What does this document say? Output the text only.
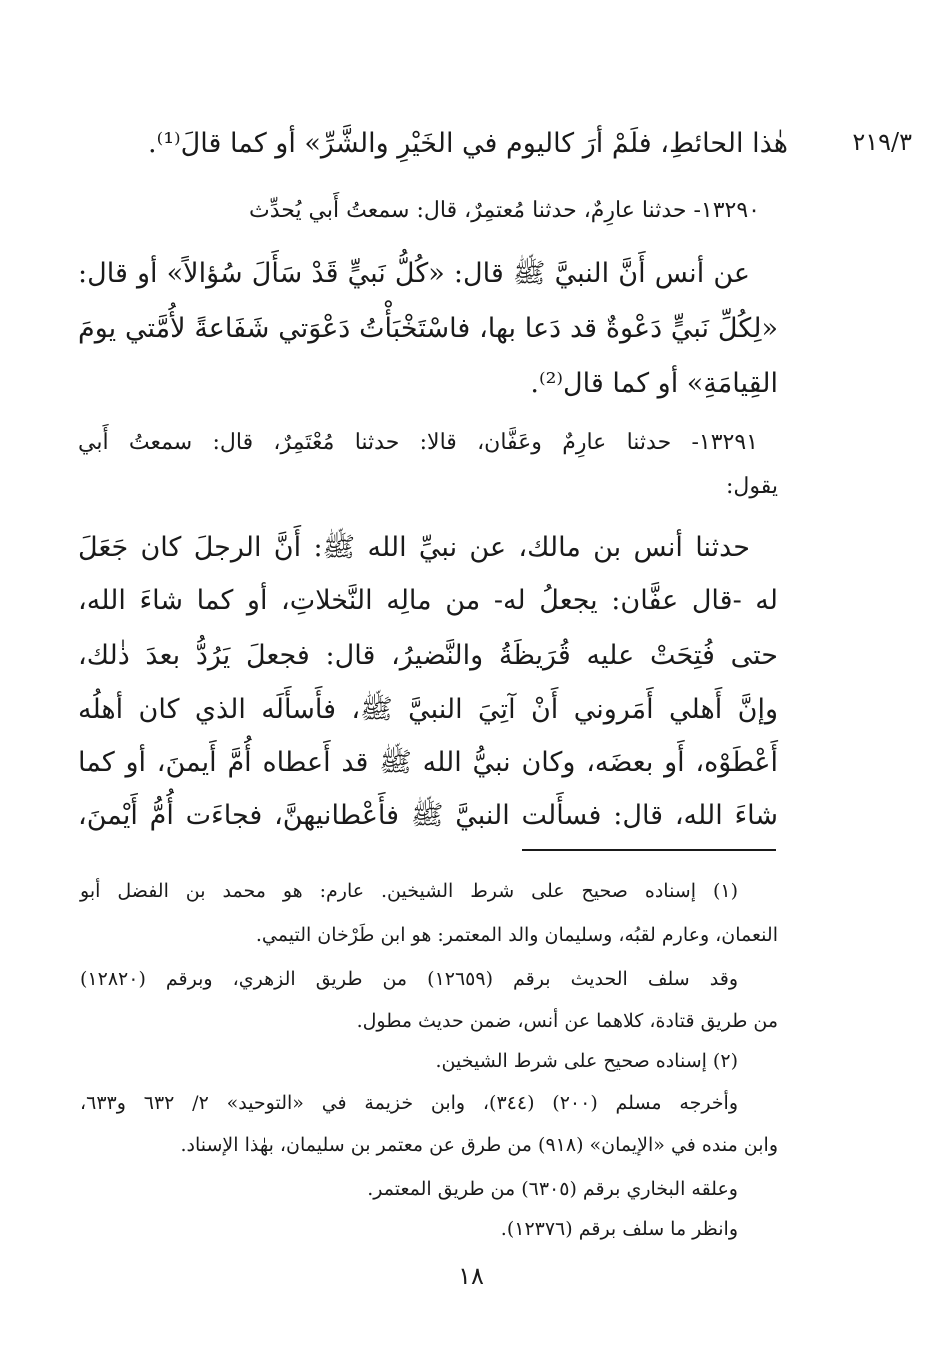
٢١٩/٣
هٰذا الحائطِ، فلَمْ أرَ كاليوم في الخَيْرِ والشَّرِّ» أو كما قالَ⁽¹⁾.
١٣٢٩٠- حدثنا عارِمٌ، حدثنا مُعتمِرٌ، قال: سمعتُ أَبي يُحدِّث
عن أنس أَنَّ النبيَّ ﷺ قال: «كُلُّ نَبيٍّ قَدْ سَأَلَ سُؤالاً» أو قال:
«لِكُلِّ نَبيٍّ دَعْوةٌ قد دَعا بها، فاسْتَخْبَأْتُ دَعْوَتي شَفَاعةً لأُمَّتي يومَ
القِيامَةِ» أو كما قال⁽²⁾.
١٣٢٩١- حدثنا عارِمٌ وعَفَّان، قالا: حدثنا مُعْتَمِرٌ، قال: سمعتُ أَبي
يقول:
حدثنا أنس بن مالك، عن نبيِّ الله ﷺ: أَنَّ الرجلَ كان جَعَلَ
له -قال عفَّان: يجعلُ له- من مالِه النَّخلاتِ، أو كما شاءَ الله،
حتى فُتِحَتْ عليه قُرَيظَةُ والنَّضيرُ، قال: فجعلَ يَرُدُّ بعدَ ذٰلك،
وإنَّ أَهلي أَمَروني أَنْ آتِيَ النبيَّ ﷺ، فأَسأَلَه الذي كان أهلُه
أَعْطَوْه، أَو بعضَه، وكان نبيُّ الله ﷺ قد أَعطاه أُمَّ أَيمنَ، أو كما
شاءَ الله، قال: فسأَلت النبيَّ ﷺ فأَعْطانيهنَّ، فجاءَت أُمُّ أَيْمنَ،
(١) إسناده صحيح على شرط الشيخين. عارم: هو محمد بن الفضل أبو
النعمان، وعارم لقبُه، وسليمان والد المعتمر: هو ابن طَرْخان التيمي.
وقد سلف الحديث برقم (١٢٦٥٩) من طريق الزهري، وبرقم (١٢٨٢٠)
من طريق قتادة، كلاهما عن أنس، ضمن حديث مطول.
(٢) إسناده صحيح على شرط الشيخين.
وأخرجه مسلم (٢٠٠) (٣٤٤)، وابن خزيمة في «التوحيد» ٢/ ٦٣٢ و٦٣٣،
وابن منده في «الإيمان» (٩١٨) من طرق عن معتمر بن سليمان، بهٰذا الإسناد.
وعلقه البخاري برقم (٦٣٠٥) من طريق المعتمر.
وانظر ما سلف برقم (١٢٣٧٦).
١٨
